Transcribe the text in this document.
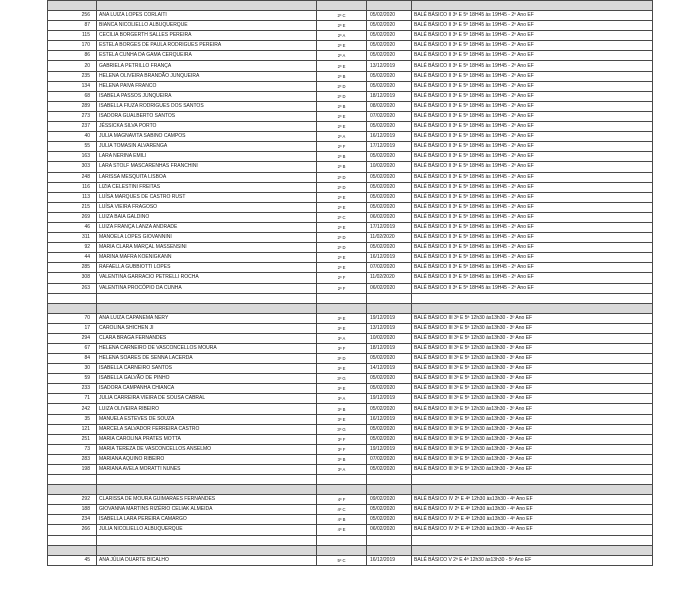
256	ANA LUIZA LOPES CORLAITI	2º C	05/02/2020	BALÉ BÁSICO II 3ª E 5ª 18H45 às 19H45 - 2º Ano EF
87	BIANCA NICOLIELLO ALBUQUERQUE	2º E	05/02/2020	BALÉ BÁSICO II 3ª E 5ª 18H45 às 19H45 - 2º Ano EF
115	CECILIA BORGERTH SALLES PEREIRA	2º A	05/02/2020	BALÉ BÁSICO II 3ª E 5ª 18H45 às 19H45 - 2º Ano EF
170	ESTELA BORGES DE PAULA RODRIGUES PEREIRA	2º E	05/02/2020	BALÉ BÁSICO II 3ª E 5ª 18H45 às 19H45 - 2º Ano EF
86	ESTELA CUNHA DA GAMA CERQUEIRA	2º A	05/02/2020	BALÉ BÁSICO II 3ª E 5ª 18H45 às 19H45 - 2º Ano EF
20	GABRIELA PETRILLO FRANÇA	2º E	13/12/2019	BALÉ BÁSICO II 3ª E 5ª 18H45 às 19H45 - 2º Ano EF
235	HELENA OLIVEIRA BRANDÃO JUNQUEIRA	2º B	05/02/2020	BALÉ BÁSICO II 3ª E 5ª 18H45 às 19H45 - 2º Ano EF
134	HELENA PAIVA FRANCO	2º D	05/02/2020	BALÉ BÁSICO II 3ª E 5ª 18H45 às 19H45 - 2º Ano EF
68	ISABELA PASSOS JUNQUEIRA	2º D	18/12/2019	BALÉ BÁSICO II 3ª E 5ª 18H45 às 19H45 - 2º Ano EF
289	ISABELLA FIUZA RODRIGUES DOS SANTOS	2º B	08/02/2020	BALÉ BÁSICO II 3ª E 5ª 18H45 às 19H45 - 2º Ano EF
273	ISADORA GUALBERTO SANTOS	2º E	07/02/2020	BALÉ BÁSICO II 3ª E 5ª 18H45 às 19H45 - 2º Ano EF
237	JÉSSICKA SILVA PORTO	2º E	05/02/2020	BALÉ BÁSICO II 3ª E 5ª 18H45 às 19H45 - 2º Ano EF
40	JULIA MAGNAVITA SABINO CAMPOS	2º A	16/12/2019	BALÉ BÁSICO II 3ª E 5ª 18H45 às 19H45 - 2º Ano EF
55	JULIA TOMASIN ALVARENGA	2º F	17/12/2019	BALÉ BÁSICO II 3ª E 5ª 18H45 às 19H45 - 2º Ano EF
163	LARA NERINA EMILI	2º B	05/02/2020	BALÉ BÁSICO II 3ª E 5ª 18H45 às 19H45 - 2º Ano EF
303	LARA STOLF MASCARENHAS FRANCHINI	2º B	10/02/2020	BALÉ BÁSICO II 3ª E 5ª 18H45 às 19H45 - 2º Ano EF
248	LARISSA MESQUITA LISBOA	2º D	05/02/2020	BALÉ BÁSICO II 3ª E 5ª 18H45 às 19H45 - 2º Ano EF
116	LIZIA CELESTINI FREITAS	2º D	05/02/2020	BALÉ BÁSICO II 3ª E 5ª 18H45 às 19H45 - 2º Ano EF
113	LUÍSA MARQUES DE CASTRO RUST	2º E	05/02/2020	BALÉ BÁSICO II 3ª E 5ª 18H45 às 19H45 - 2º Ano EF
215	LUÍSA VIEIRA FRAGOSO	2º E	05/02/2020	BALÉ BÁSICO II 3ª E 5ª 18H45 às 19H45 - 2º Ano EF
269	LUIZA BAIA GALDINO	2º C	06/02/2020	BALÉ BÁSICO II 3ª E 5ª 18H45 às 19H45 - 2º Ano EF
46	LUIZA FRANÇA LANZA ANDRADE	2º E	17/12/2019	BALÉ BÁSICO II 3ª E 5ª 18H45 às 19H45 - 2º Ano EF
311	MANOELA LOPES GIOVANNINI	2º D	11/02/2020	BALÉ BÁSICO II 3ª E 5ª 18H45 às 19H45 - 2º Ano EF
92	MARIA CLARA MARÇAL MASSENSINI	2º D	05/02/2020	BALÉ BÁSICO II 3ª E 5ª 18H45 às 19H45 - 2º Ano EF
44	MARINA MAFRA KOENIGKANN	2º E	16/12/2019	BALÉ BÁSICO II 3ª E 5ª 18H45 às 19H45 - 2º Ano EF
285	RAFAELLA GUBBIOTTI LOPES	2º E	07/02/2020	BALÉ BÁSICO II 3ª E 5ª 18H45 às 19H45 - 2º Ano EF
308	VALENTINA GARRACIO PETRELLI ROCHA	2º F	11/02/2020	BALÉ BÁSICO II 3ª E 5ª 18H45 às 19H45 - 2º Ano EF
263	VALENTINA PROCÓPIO DA CUNHA	2º F	06/02/2020	BALÉ BÁSICO II 3ª E 5ª 18H45 às 19H45 - 2º Ano EF

70	ANA LUIZA CAPANEMA NERY	3º E	19/12/2019	BALÉ BÁSICO III 3ª E 5ª 12h30 às13h30 - 3º Ano EF
17	CAROLINA SHICHEN JI	3º E	13/12/2019	BALÉ BÁSICO III 3ª E 5ª 12h30 às13h30 - 3º Ano EF
294	CLARA BRAGA FERNANDES	3º A	10/02/2020	BALÉ BÁSICO III 3ª E 5ª 12h30 às13h30 - 3º Ano EF
67	HELENA CARNEIRO DE VASCONCELLOS MOURA	3º F	18/12/2019	BALÉ BÁSICO III 3ª E 5ª 12h30 às13h30 - 3º Ano EF
84	HELENA SOARES DE SENNA LACERDA	3º D	05/02/2020	BALÉ BÁSICO III 3ª E 5ª 12h30 às13h30 - 3º Ano EF
30	ISABELLA CARNEIRO SANTOS	3º E	14/12/2019	BALÉ BÁSICO III 3ª E 5ª 12h30 às13h30 - 3º Ano EF
59	ISABELLA GALVÃO DE PINHO	3º G	05/02/2020	BALÉ BÁSICO III 3ª E 5ª 12h30 às13h30 - 3º Ano EF
233	ISADORA CAMPANHA CHIANCA	3º E	05/02/2020	BALÉ BÁSICO III 3ª E 5ª 12h30 às13h30 - 3º Ano EF
71	JULIA CARREIRA VIEIRA DE SOUSA CABRAL	3º A	19/12/2019	BALÉ BÁSICO III 3ª E 5ª 12h30 às13h30 - 3º Ano EF
242	LUIZA OLIVEIRA RIBEIRO	3º B	05/02/2020	BALÉ BÁSICO III 3ª E 5ª 12h30 às13h30 - 3º Ano EF
35	MANUELA ESTEVES DE SOUZA	3º E	16/12/2019	BALÉ BÁSICO III 3ª E 5ª 12h30 às13h30 - 3º Ano EF
121	MARCELA SALVADOR FERREIRA CASTRO	3º G	05/02/2020	BALÉ BÁSICO III 3ª E 5ª 12h30 às13h30 - 3º Ano EF
251	MARIA CAROLINA PRATES MOTTA	3º F	05/02/2020	BALÉ BÁSICO III 3ª E 5ª 12h30 às13h30 - 3º Ano EF
73	MARIA TEREZA DE VASCONCELLOS ANSELMO	3º F	19/12/2019	BALÉ BÁSICO III 3ª E 5ª 12h30 às13h30 - 3º Ano EF
283	MARIANA AQUINO RIBEIRO	3º B	07/02/2020	BALÉ BÁSICO III 3ª E 5ª 12h30 às13h30 - 3º Ano EF
198	MARIANA AVELA MORATTI NUNES	3º A	05/02/2020	BALÉ BÁSICO III 3ª E 5ª 12h30 às13h30 - 3º Ano EF

292	CLARISSA DE MOURA GUIMARAES FERNANDES	4º F	09/02/2020	BALÉ BÁSICO IV 2ª E 4ª 12h30 às13h30 - 4º Ano EF
188	GIOVANNA MARTINS RIZÉRIO CELIAK ALMEIDA	4º C	05/02/2020	BALÉ BÁSICO IV 2ª E 4ª 12h30 às13h30 - 4º Ano EF
234	ISABELLA LARA PEREIRA CAMARGO	4º B	05/02/2020	BALÉ BÁSICO IV 2ª E 4ª 12h30 às13h30 - 4º Ano EF
266	JULIA NICOLIELLO ALBUQUERQUE	4º E	06/02/2020	BALÉ BÁSICO IV 2ª E 4ª 12h30 às13h30 - 4º Ano EF

45	ANA JÚLIA DUARTE BICALHO	5º C	16/12/2019	BALÉ BÁSICO V 2ª E 4ª 12h30 às13h30 - 5º Ano EF
